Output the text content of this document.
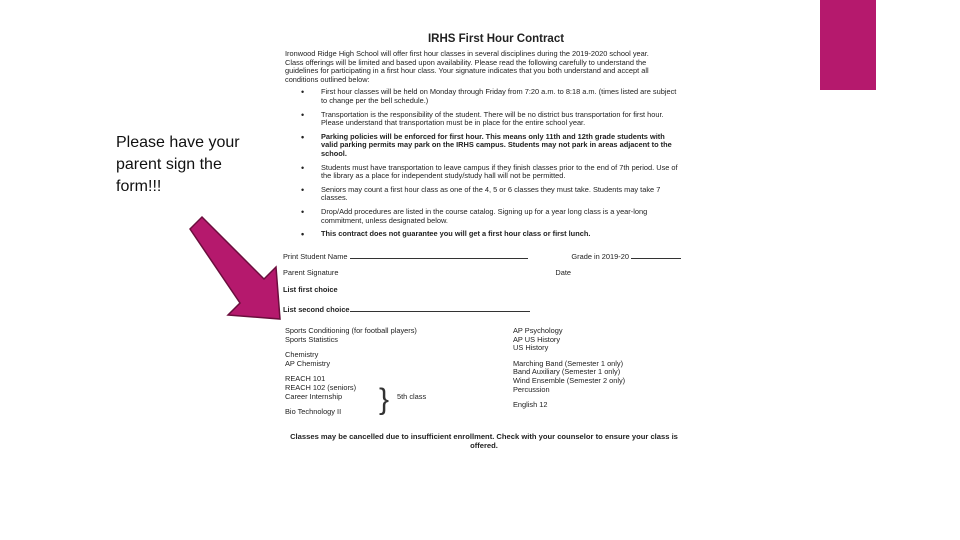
Please have your parent sign the form!!!
IRHS First Hour Contract
Ironwood Ridge High School will offer first hour classes in several disciplines during the 2019-2020 school year. Class offerings will be limited and based upon availability. Please read the following carefully to understand the guidelines for participating in a first hour class. Your signature indicates that you both understand and accept all conditions outlined below:
• First hour classes will be held on Monday through Friday from 7:20 a.m. to 8:18 a.m. (times listed are subject to change per the bell schedule.)
• Transportation is the responsibility of the student. There will be no district bus transportation for first hour. Please understand that transportation must be in place for the entire school year.
• Parking policies will be enforced for first hour. This means only 11th and 12th grade students with valid parking permits may park on the IRHS campus. Students may not park in areas adjacent to the school.
• Students must have transportation to leave campus if they finish classes prior to the end of 7th period. Use of the library as a place for independent study/study hall will not be permitted.
• Seniors may count a first hour class as one of the 4, 5 or 6 classes they must take. Students may take 7 classes.
• Drop/Add procedures are listed in the course catalog. Signing up for a year long class is a year-long commitment, unless designated below.
• This contract does not guarantee you will get a first hour class or first lunch.
Print Student Name	Grade in 2019-20
Parent Signature	Date
List first choice
List second choice
Sports Conditioning (for football players)
Sports Statistics
Chemistry
AP Chemistry
REACH 101
REACH 102 (seniors)
Career Internship
Bio Technology II	} 5th class
AP Psychology
AP US History
US History
Marching Band (Semester 1 only)
Band Auxiliary (Semester 1 only)
Wind Ensemble (Semester 2 only)
Percussion
English 12
Classes may be cancelled due to insufficient enrollment. Check with your counselor to ensure your class is offered.
